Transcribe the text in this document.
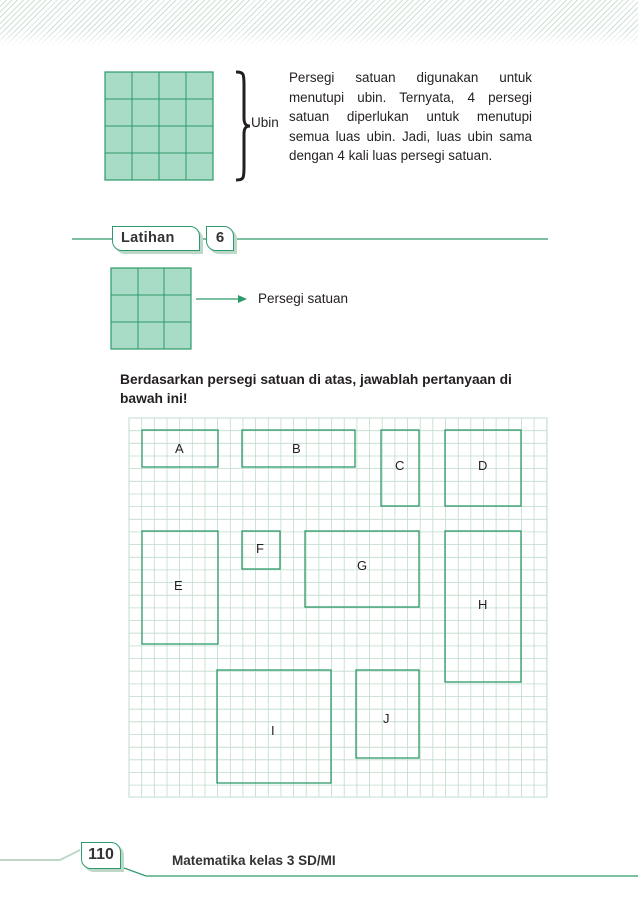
A	B
C	D
E
F
G
H
I
J
Ubin
Persegi satuan digunakan untuk menutupi ubin. Ternyata, 4 persegi satuan diperlukan untuk menutupi semua luas ubin. Jadi, luas ubin sama dengan 4 kali luas persegi satuan.
Latihan	6
Persegi satuan
Berdasarkan persegi satuan di atas, jawablah pertanyaan di bawah ini!
110	Matematika kelas 3 SD/MI
